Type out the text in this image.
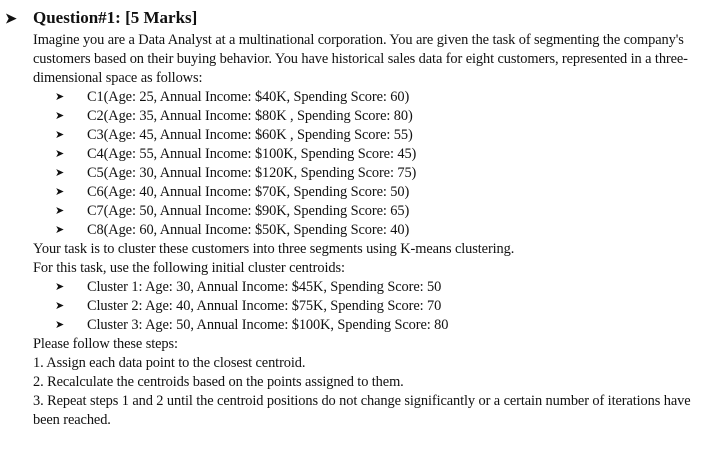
➤ Question#1: [5 Marks]

Imagine you are a Data Analyst at a multinational corporation. You are given the task of segmenting the company's customers based on their buying behavior. You have historical sales data for eight customers, represented in a three-dimensional space as follows:

➤ C1(Age: 25, Annual Income: $40K, Spending Score: 60)
➤ C2(Age: 35, Annual Income: $80K , Spending Score: 80)
➤ C3(Age: 45, Annual Income: $60K , Spending Score: 55)
➤ C4(Age: 55, Annual Income: $100K, Spending Score: 45)
➤ C5(Age: 30, Annual Income: $120K, Spending Score: 75)
➤ C6(Age: 40, Annual Income: $70K, Spending Score: 50)
➤ C7(Age: 50, Annual Income: $90K, Spending Score: 65)
➤ C8(Age: 60, Annual Income: $50K, Spending Score: 40)

Your task is to cluster these customers into three segments using K-means clustering.

For this task, use the following initial cluster centroids:

➤ Cluster 1: Age: 30, Annual Income: $45K, Spending Score: 50
➤ Cluster 2: Age: 40, Annual Income: $75K, Spending Score: 70
➤ Cluster 3: Age: 50, Annual Income: $100K, Spending Score: 80

Please follow these steps:

1. Assign each data point to the closest centroid.

2. Recalculate the centroids based on the points assigned to them.

3. Repeat steps 1 and 2 until the centroid positions do not change significantly or a certain number of iterations have been reached.
